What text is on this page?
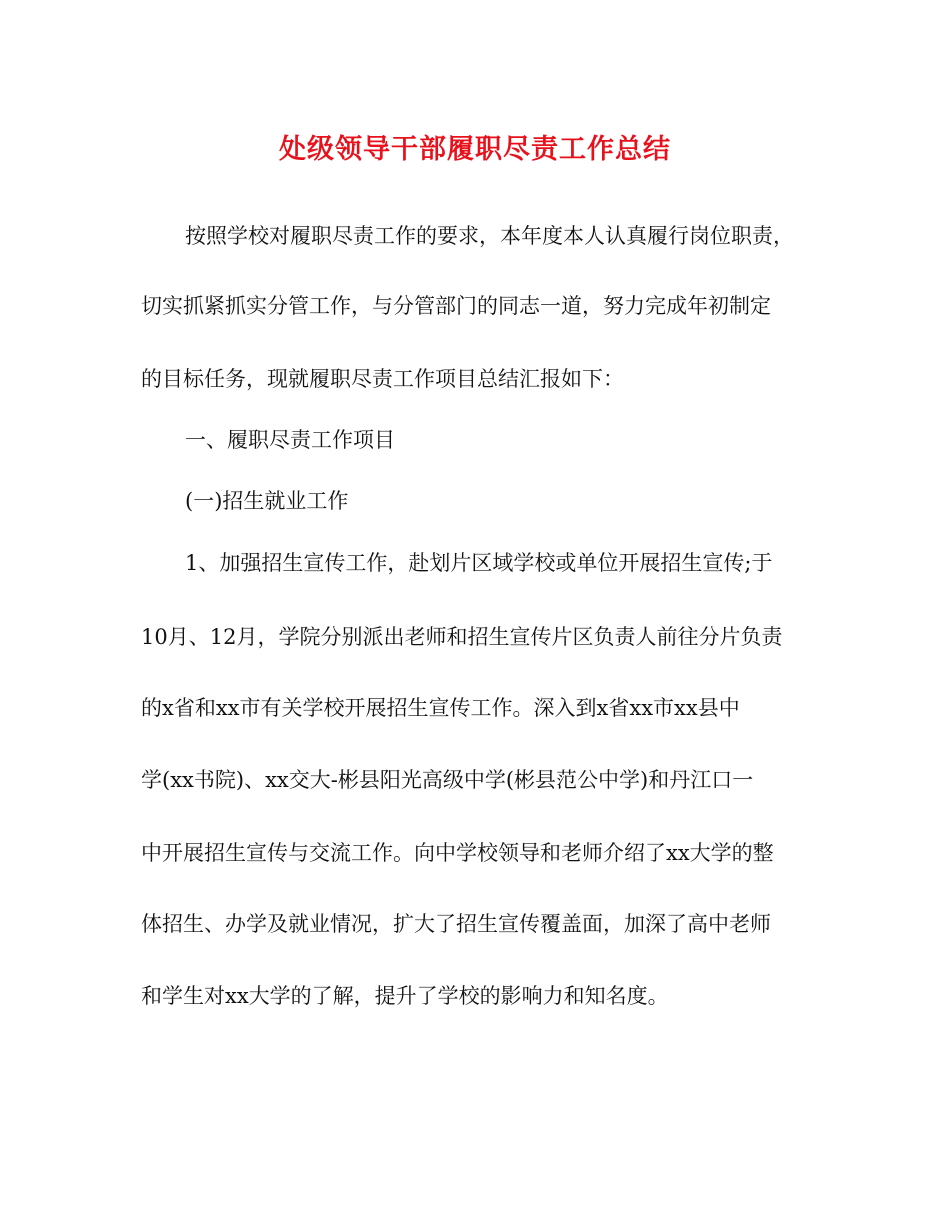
处级领导干部履职尽责工作总结

按照学校对履职尽责工作的要求，本年度本人认真履行岗位职责，

切实抓紧抓实分管工作，与分管部门的同志一道，努力完成年初制定

的目标任务，现就履职尽责工作项目总结汇报如下：

一、履职尽责工作项目

(一)招生就业工作

1、加强招生宣传工作，赴划片区域学校或单位开展招生宣传;于

10月、12月，学院分别派出老师和招生宣传片区负责人前往分片负责

的x省和xx市有关学校开展招生宣传工作。深入到x省xx市xx县中

学(xx书院)、xx交大-彬县阳光高级中学(彬县范公中学)和丹江口一

中开展招生宣传与交流工作。向中学校领导和老师介绍了xx大学的整

体招生、办学及就业情况，扩大了招生宣传覆盖面，加深了高中老师

和学生对xx大学的了解，提升了学校的影响力和知名度。
